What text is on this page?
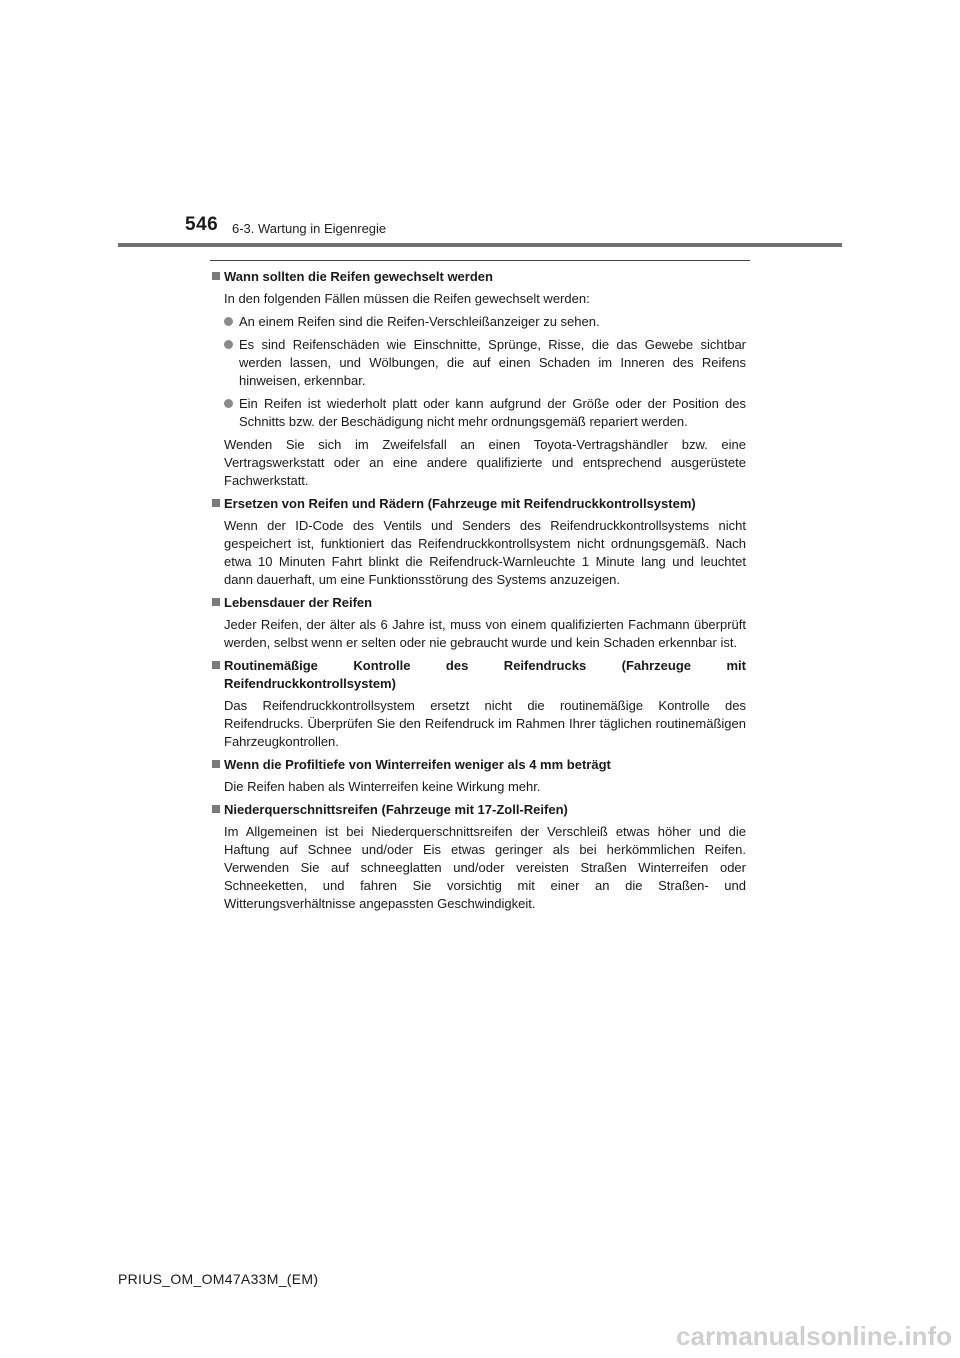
546 6-3. Wartung in Eigenregie
Wann sollten die Reifen gewechselt werden
In den folgenden Fällen müssen die Reifen gewechselt werden:
An einem Reifen sind die Reifen-Verschleißanzeiger zu sehen.
Es sind Reifenschäden wie Einschnitte, Sprünge, Risse, die das Gewebe sichtbar werden lassen, und Wölbungen, die auf einen Schaden im Inneren des Reifens hinweisen, erkennbar.
Ein Reifen ist wiederholt platt oder kann aufgrund der Größe oder der Position des Schnitts bzw. der Beschädigung nicht mehr ordnungsgemäß repariert werden.
Wenden Sie sich im Zweifelsfall an einen Toyota-Vertragshändler bzw. eine Vertragswerkstatt oder an eine andere qualifizierte und entsprechend ausgerüstete Fachwerkstatt.
Ersetzen von Reifen und Rädern (Fahrzeuge mit Reifendruckkontrollsystem)
Wenn der ID-Code des Ventils und Senders des Reifendruckkontrollsystems nicht gespeichert ist, funktioniert das Reifendruckkontrollsystem nicht ordnungsgemäß. Nach etwa 10 Minuten Fahrt blinkt die Reifendruck-Warnleuchte 1 Minute lang und leuchtet dann dauerhaft, um eine Funktionsstörung des Systems anzuzeigen.
Lebensdauer der Reifen
Jeder Reifen, der älter als 6 Jahre ist, muss von einem qualifizierten Fachmann überprüft werden, selbst wenn er selten oder nie gebraucht wurde und kein Schaden erkennbar ist.
Routinemäßige Kontrolle des Reifendrucks (Fahrzeuge mit Reifendruckkontrollsystem)
Das Reifendruckkontrollsystem ersetzt nicht die routinemäßige Kontrolle des Reifendrucks. Überprüfen Sie den Reifendruck im Rahmen Ihrer täglichen routinemäßigen Fahrzeugkontrollen.
Wenn die Profiltiefe von Winterreifen weniger als 4 mm beträgt
Die Reifen haben als Winterreifen keine Wirkung mehr.
Niederquerschnittsreifen (Fahrzeuge mit 17-Zoll-Reifen)
Im Allgemeinen ist bei Niederquerschnittsreifen der Verschleiß etwas höher und die Haftung auf Schnee und/oder Eis etwas geringer als bei herkömmlichen Reifen. Verwenden Sie auf schneeglatten und/oder vereisten Straßen Winterreifen oder Schneeketten, und fahren Sie vorsichtig mit einer an die Straßen- und Witterungsverhältnisse angepassten Geschwindigkeit.
PRIUS_OM_OM47A33M_(EM)
carmanualsonline.info
